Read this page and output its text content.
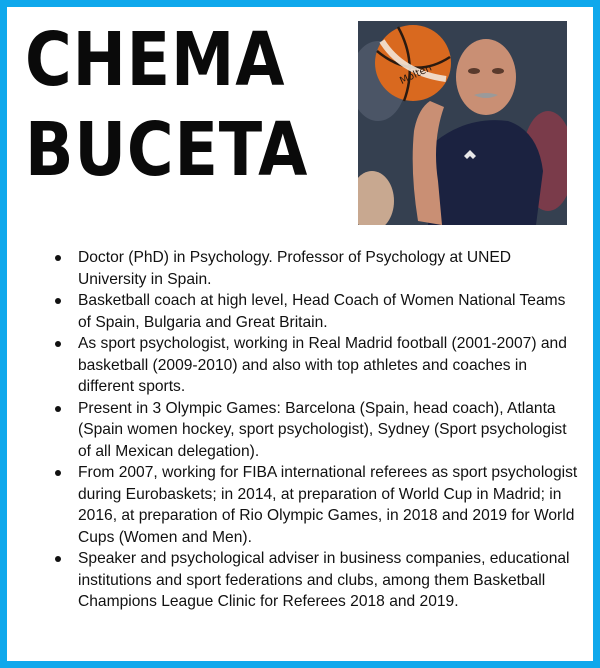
CHEMA
BUCETA
Molten
Doctor (PhD) in Psychology. Professor of Psychology at UNED University in Spain.
Basketball coach at high level, Head Coach of Women National Teams of Spain, Bulgaria and Great Britain.
As sport psychologist, working in Real Madrid football (2001-2007) and basketball (2009-2010) and also with top athletes and coaches in different sports.
Present in 3 Olympic Games: Barcelona (Spain, head coach), Atlanta (Spain women hockey, sport psychologist), Sydney (Sport psychologist of all Mexican delegation).
From 2007, working for FIBA international referees as sport psychologist during Eurobaskets; in 2014, at preparation of World Cup in Madrid; in 2016, at preparation of Rio Olympic Games, in 2018 and 2019 for World Cups (Women and Men).
Speaker and psychological adviser in business companies, educational institutions and sport federations and clubs, among them Basketball Champions League Clinic for Referees 2018 and 2019.
